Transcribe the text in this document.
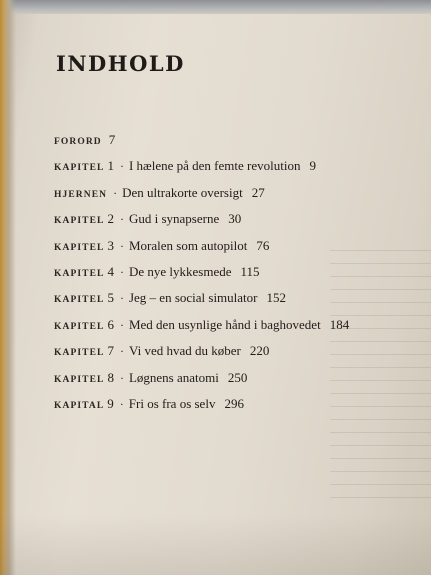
INDHOLD
FORORD 7
KAPITEL 1 · I hælene på den femte revolution 9
HJERNEN · Den ultrakorte oversigt 27
KAPITEL 2 · Gud i synapserne 30
KAPITEL 3 · Moralen som autopilot 76
KAPITEL 4 · De nye lykkesmede 115
KAPITEL 5 · Jeg – en social simulator 152
KAPITEL 6 · Med den usynlige hånd i baghovedet 184
KAPITEL 7 · Vi ved hvad du køber 220
KAPITEL 8 · Løgnens anatomi 250
KAPITAL 9 · Fri os fra os selv 296
